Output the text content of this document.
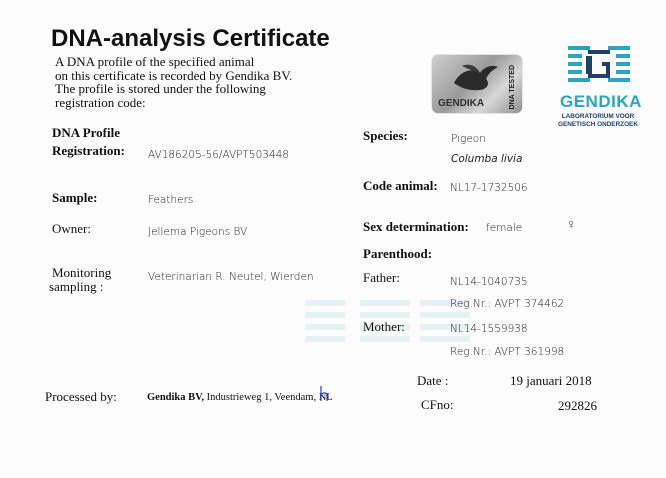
DNA-analysis Certificate
A DNA profile of the specified animal
on this certificate is recorded by Gendika BV.
The profile is stored under the following
registration code:	GENDIKA	DNA TESTED	GENDIKA
LABORATORIUM VOOR
GENETISCH ONDERZOEK
DNA Profile
Registration: AV186205-56/AVPT503448
Sample:	Feathers
Owner:	Jellema Pigeons BV
Monitoring
sampling :
Veterinarian R. Neutel, Wierden
Species:	Pigeon
Columba livia
Code animal: NL17-1732506
Sex determination: female	♀
Parenthood:
Father:	NL14-1040735
Reg.Nr.: AVPT 374462
Mother:	NL14-1559938
Reg.Nr.: AVPT 361998
Date :	19 januari 2018
Processed by:	Gendika BV, Industrieweg 1, Veendam, NL	CFno:	292826
